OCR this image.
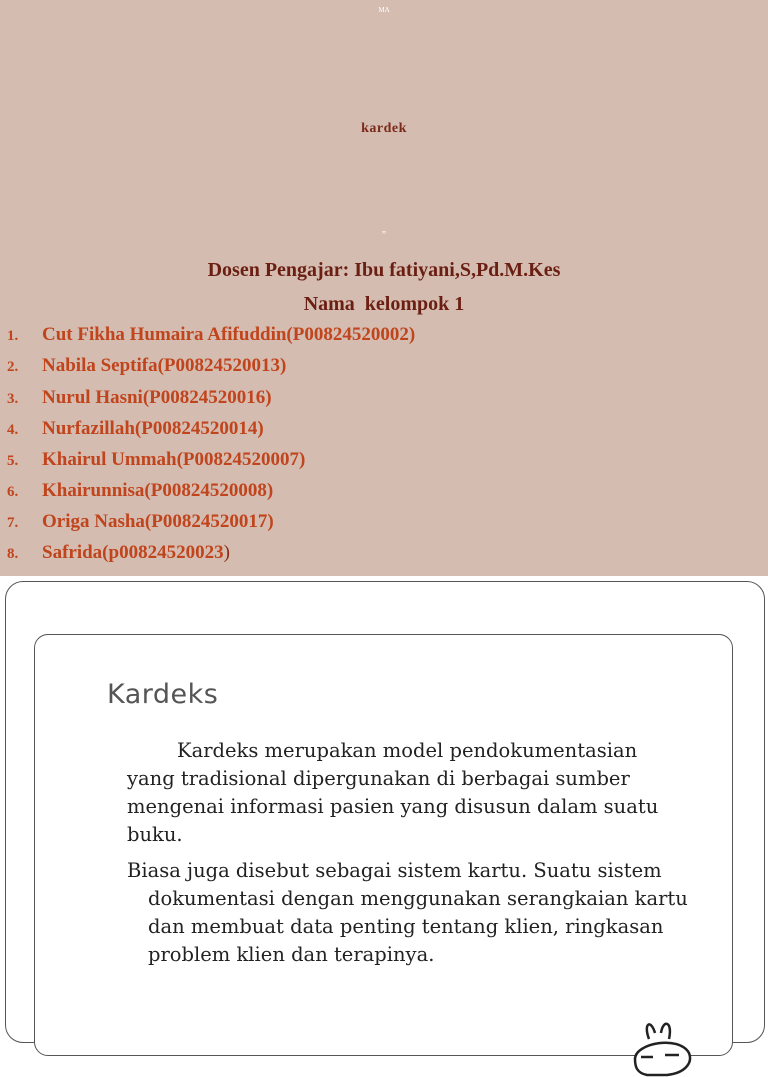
MA
kardek
”
Dosen Pengajar: Ibu fatiyani,S,Pd.M.Kes
Nama  kelompok 1
1. Cut Fikha Humaira Afifuddin(P00824520002)
2. Nabila Septifa(P00824520013)
3. Nurul Hasni(P00824520016)
4. Nurfazillah(P00824520014)
5. Khairul Ummah(P00824520007)
6. Khairunnisa(P00824520008)
7. Origa Nasha(P00824520017)
8. Safrida(p00824520023)
Kardeks
Kardeks merupakan model pendokumentasian yang tradisional dipergunakan di berbagai sumber mengenai informasi pasien yang disusun dalam suatu buku.
Biasa juga disebut sebagai sistem kartu. Suatu sistem dokumentasi dengan menggunakan serangkaian kartu dan membuat data penting tentang klien, ringkasan problem klien dan terapinya.
